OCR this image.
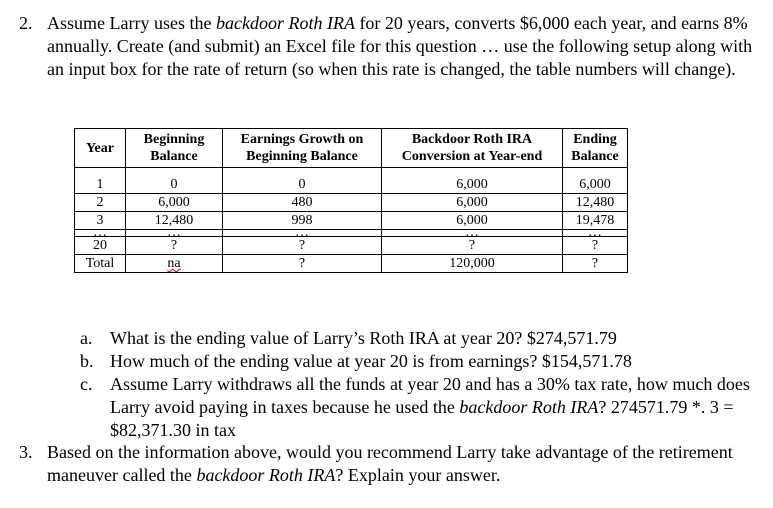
2. Assume Larry uses the backdoor Roth IRA for 20 years, converts $6,000 each year, and earns 8% annually. Create (and submit) an Excel file for this question … use the following setup along with an input box for the rate of return (so when this rate is changed, the table numbers will change).
Year	Beginning Balance	Earnings Growth on Beginning Balance	Backdoor Roth IRA Conversion at Year-end	Ending Balance
1	0	0	6,000	6,000
2	6,000	480	6,000	12,480
3	12,480	998	6,000	19,478
…	…	…	…	…
20	?	?	?	?
Total	na	?	120,000	?
a. What is the ending value of Larry’s Roth IRA at year 20? $274,571.79
b. How much of the ending value at year 20 is from earnings? $154,571.78
c. Assume Larry withdraws all the funds at year 20 and has a 30% tax rate, how much does Larry avoid paying in taxes because he used the backdoor Roth IRA? 274571.79 *. 3 = $82,371.30 in tax
3. Based on the information above, would you recommend Larry take advantage of the retirement maneuver called the backdoor Roth IRA? Explain your answer.
